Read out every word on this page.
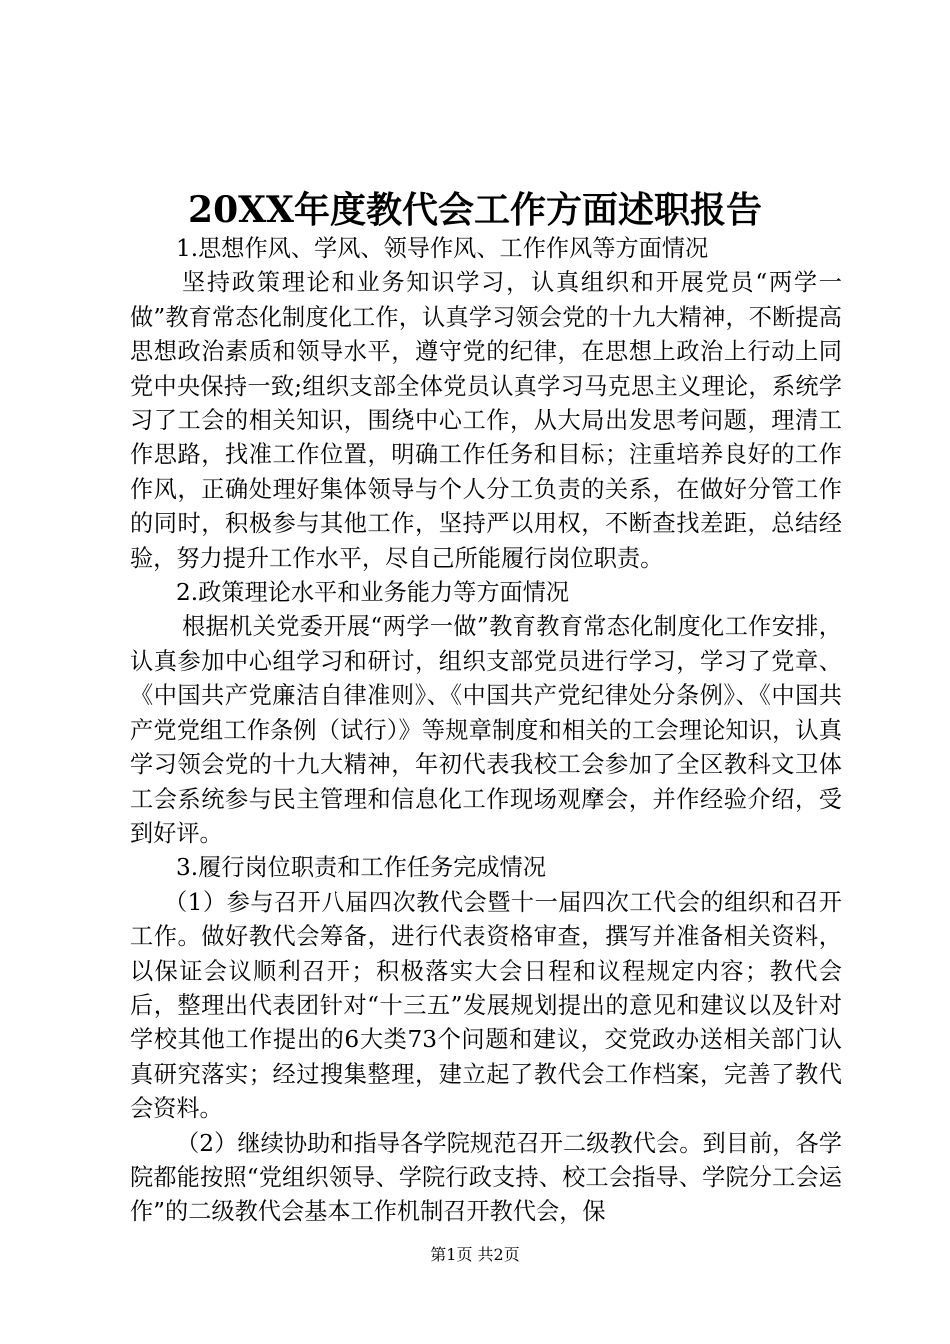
20XX年度教代会工作方面述职报告

1.思想作风、学风、领导作风、工作作风等方面情况

坚持政策理论和业务知识学习，认真组织和开展党员“两学一做”教育常态化制度化工作，认真学习领会党的十九大精神，不断提高思想政治素质和领导水平，遵守党的纪律，在思想上政治上行动上同党中央保持一致;组织支部全体党员认真学习马克思主义理论，系统学习了工会的相关知识，围绕中心工作，从大局出发思考问题，理清工作思路，找准工作位置，明确工作任务和目标；注重培养良好的工作作风，正确处理好集体领导与个人分工负责的关系，在做好分管工作的同时，积极参与其他工作，坚持严以用权，不断查找差距，总结经验，努力提升工作水平，尽自己所能履行岗位职责。

2.政策理论水平和业务能力等方面情况

根据机关党委开展“两学一做”教育教育常态化制度化工作安排，认真参加中心组学习和研讨，组织支部党员进行学习，学习了党章、《中国共产党廉洁自律准则》、《中国共产党纪律处分条例》、《中国共产党党组工作条例（试行）》等规章制度和相关的工会理论知识，认真学习领会党的十九大精神，年初代表我校工会参加了全区教科文卫体工会系统参与民主管理和信息化工作现场观摩会，并作经验介绍，受到好评。

3.履行岗位职责和工作任务完成情况

（1）参与召开八届四次教代会暨十一届四次工代会的组织和召开工作。做好教代会筹备，进行代表资格审查，撰写并准备相关资料，以保证会议顺利召开；积极落实大会日程和议程规定内容；教代会后，整理出代表团针对“十三五”发展规划提出的意见和建议以及针对学校其他工作提出的6大类73个问题和建议，交党政办送相关部门认真研究落实；经过搜集整理，建立起了教代会工作档案，完善了教代会资料。

（2）继续协助和指导各学院规范召开二级教代会。到目前，各学院都能按照“党组织领导、学院行政支持、校工会指导、学院分工会运作”的二级教代会基本工作机制召开教代会，保

第1页 共2页
